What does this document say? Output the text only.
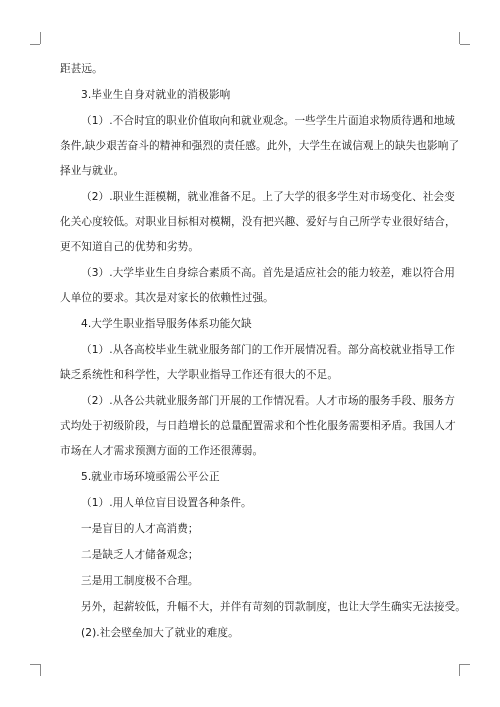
距甚远。
3.毕业生自身对就业的消极影响
（1）.不合时宜的职业价值取向和就业观念。一些学生片面追求物质待遇和地域
条件,缺少艰苦奋斗的精神和强烈的责任感。此外，大学生在诚信观上的缺失也影响了
择业与就业。
（2）.职业生涯模糊，就业准备不足。上了大学的很多学生对市场变化、社会变
化关心度较低。对职业目标相对模糊，没有把兴趣、爱好与自己所学专业很好结合，
更不知道自己的优势和劣势。
（3）.大学毕业生自身综合素质不高。首先是适应社会的能力较差，难以符合用
人单位的要求。其次是对家长的依赖性过强。
4.大学生职业指导服务体系功能欠缺
（1）.从各高校毕业生就业服务部门的工作开展情况看。部分高校就业指导工作
缺乏系统性和科学性，大学职业指导工作还有很大的不足。
（2）.从各公共就业服务部门开展的工作情况看。人才市场的服务手段、服务方
式均处于初级阶段，与日趋增长的总量配置需求和个性化服务需要相矛盾。我国人才
市场在人才需求预测方面的工作还很薄弱。
5.就业市场环境亟需公平公正
（1）.用人单位盲目设置各种条件。
一是盲目的人才高消费；
二是缺乏人才储备观念；
三是用工制度极不合理。
另外，起薪较低，升幅不大，并伴有苛刻的罚款制度，也让大学生确实无法接受。
(2).社会壁垒加大了就业的难度。
